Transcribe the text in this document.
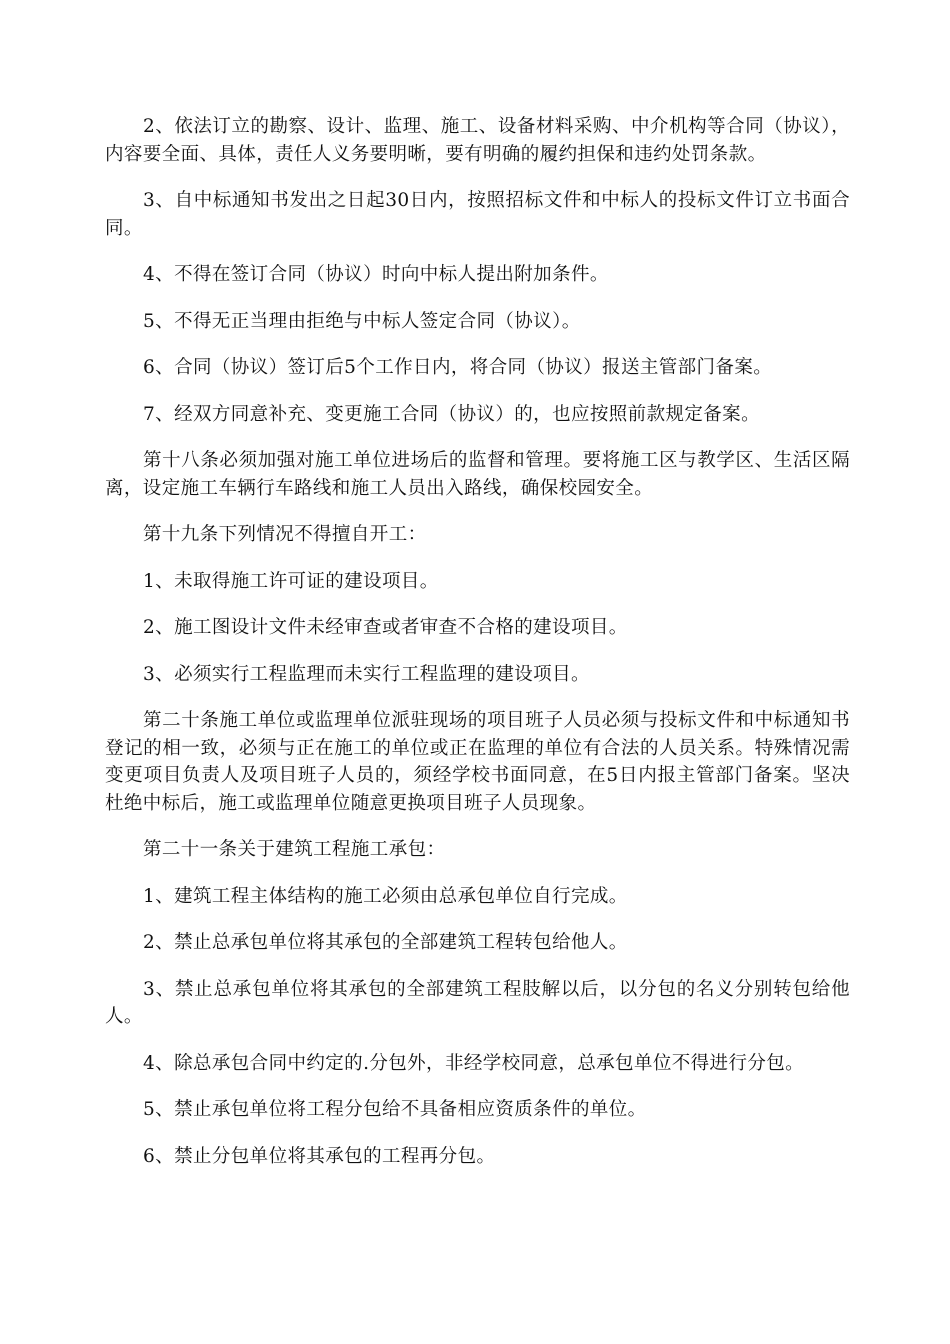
2、依法订立的勘察、设计、监理、施工、设备材料采购、中介机构等合同（协议），内容要全面、具体，责任人义务要明晰，要有明确的履约担保和违约处罚条款。

3、自中标通知书发出之日起30日内，按照招标文件和中标人的投标文件订立书面合同。

4、不得在签订合同（协议）时向中标人提出附加条件。

5、不得无正当理由拒绝与中标人签定合同（协议）。

6、合同（协议）签订后5个工作日内，将合同（协议）报送主管部门备案。

7、经双方同意补充、变更施工合同（协议）的，也应按照前款规定备案。

第十八条必须加强对施工单位进场后的监督和管理。要将施工区与教学区、生活区隔离，设定施工车辆行车路线和施工人员出入路线，确保校园安全。

第十九条下列情况不得擅自开工：

1、未取得施工许可证的建设项目。

2、施工图设计文件未经审查或者审查不合格的建设项目。

3、必须实行工程监理而未实行工程监理的建设项目。

第二十条施工单位或监理单位派驻现场的项目班子人员必须与投标文件和中标通知书登记的相一致，必须与正在施工的单位或正在监理的单位有合法的人员关系。特殊情况需变更项目负责人及项目班子人员的，须经学校书面同意，在5日内报主管部门备案。坚决杜绝中标后，施工或监理单位随意更换项目班子人员现象。

第二十一条关于建筑工程施工承包：

1、建筑工程主体结构的施工必须由总承包单位自行完成。

2、禁止总承包单位将其承包的全部建筑工程转包给他人。

3、禁止总承包单位将其承包的全部建筑工程肢解以后，以分包的名义分别转包给他人。

4、除总承包合同中约定的.分包外，非经学校同意，总承包单位不得进行分包。

5、禁止承包单位将工程分包给不具备相应资质条件的单位。

6、禁止分包单位将其承包的工程再分包。
